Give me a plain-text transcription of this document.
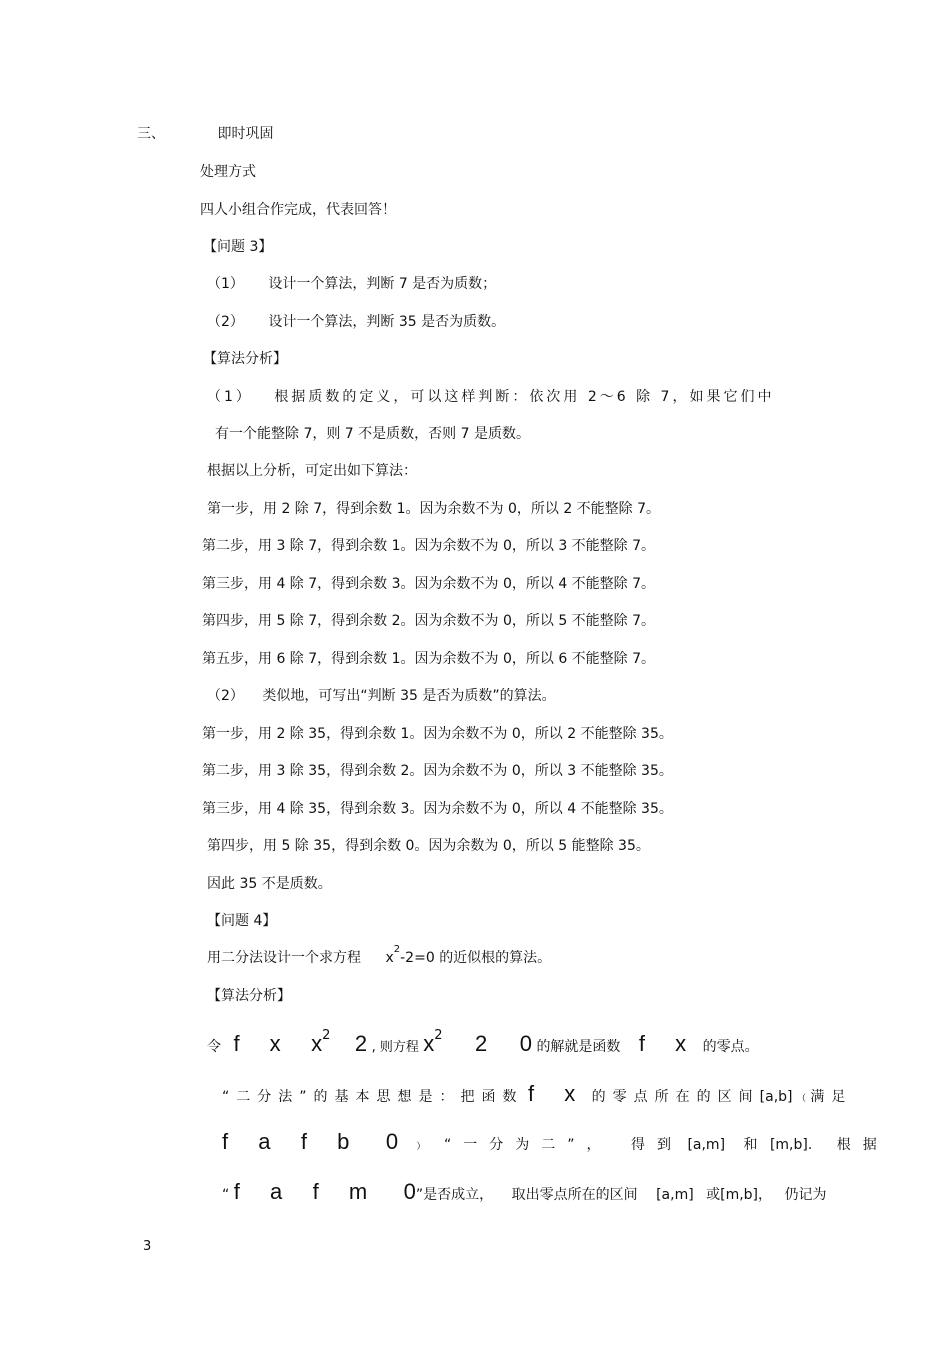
三、	即时巩固
处理方式
四人小组合作完成，代表回答！
【问题 3】
（1） 设计一个算法，判断 7 是否为质数；
（2） 设计一个算法，判断 35 是否为质数。
【算法分析】
（1） 根据质数的定义，可以这样判断：依次用 2～6 除 7，如果它们中
有一个能整除 7，则 7 不是质数，否则 7 是质数。
根据以上分析，可定出如下算法：
第一步，用 2 除 7，得到余数 1。因为余数不为 0，所以 2 不能整除 7。
第二步，用 3 除 7，得到余数 1。因为余数不为 0，所以 3 不能整除 7。
第三步，用 4 除 7，得到余数 3。因为余数不为 0，所以 4 不能整除 7。
第四步，用 5 除 7，得到余数 2。因为余数不为 0，所以 5 不能整除 7。
第五步，用 6 除 7，得到余数 1。因为余数不为 0，所以 6 不能整除 7。
（2） 类似地，可写出“判断 35 是否为质数”的算法。
第一步，用 2 除 35，得到余数 1。因为余数不为 0，所以 2 不能整除 35。
第二步，用 3 除 35，得到余数 2。因为余数不为 0，所以 3 不能整除 35。
第三步，用 4 除 35，得到余数 3。因为余数不为 0，所以 4 不能整除 35。
第四步，用 5 除 35，得到余数 0。因为余数为 0，所以 5 能整除 35。
因此 35 不是质数。
【问题 4】
用二分法设计一个求方程 $x^2-2=0$ 的近似根的算法。
【算法分析】
令 f x x2 2 , 则方程 x2 2 0 的解就是函数 f x 的零点。
“二分法”的基本思想是：把函数 f x 的零点所在的区间[a,b] （ 满足
f a f b 0 ） “一分为二”， 得到 [a,m] 和 [m,b]. 根据
“ f a f m 0”是否成立， 取出零点所在的区间 [a,m] 或[m,b]， 仍记为
3
